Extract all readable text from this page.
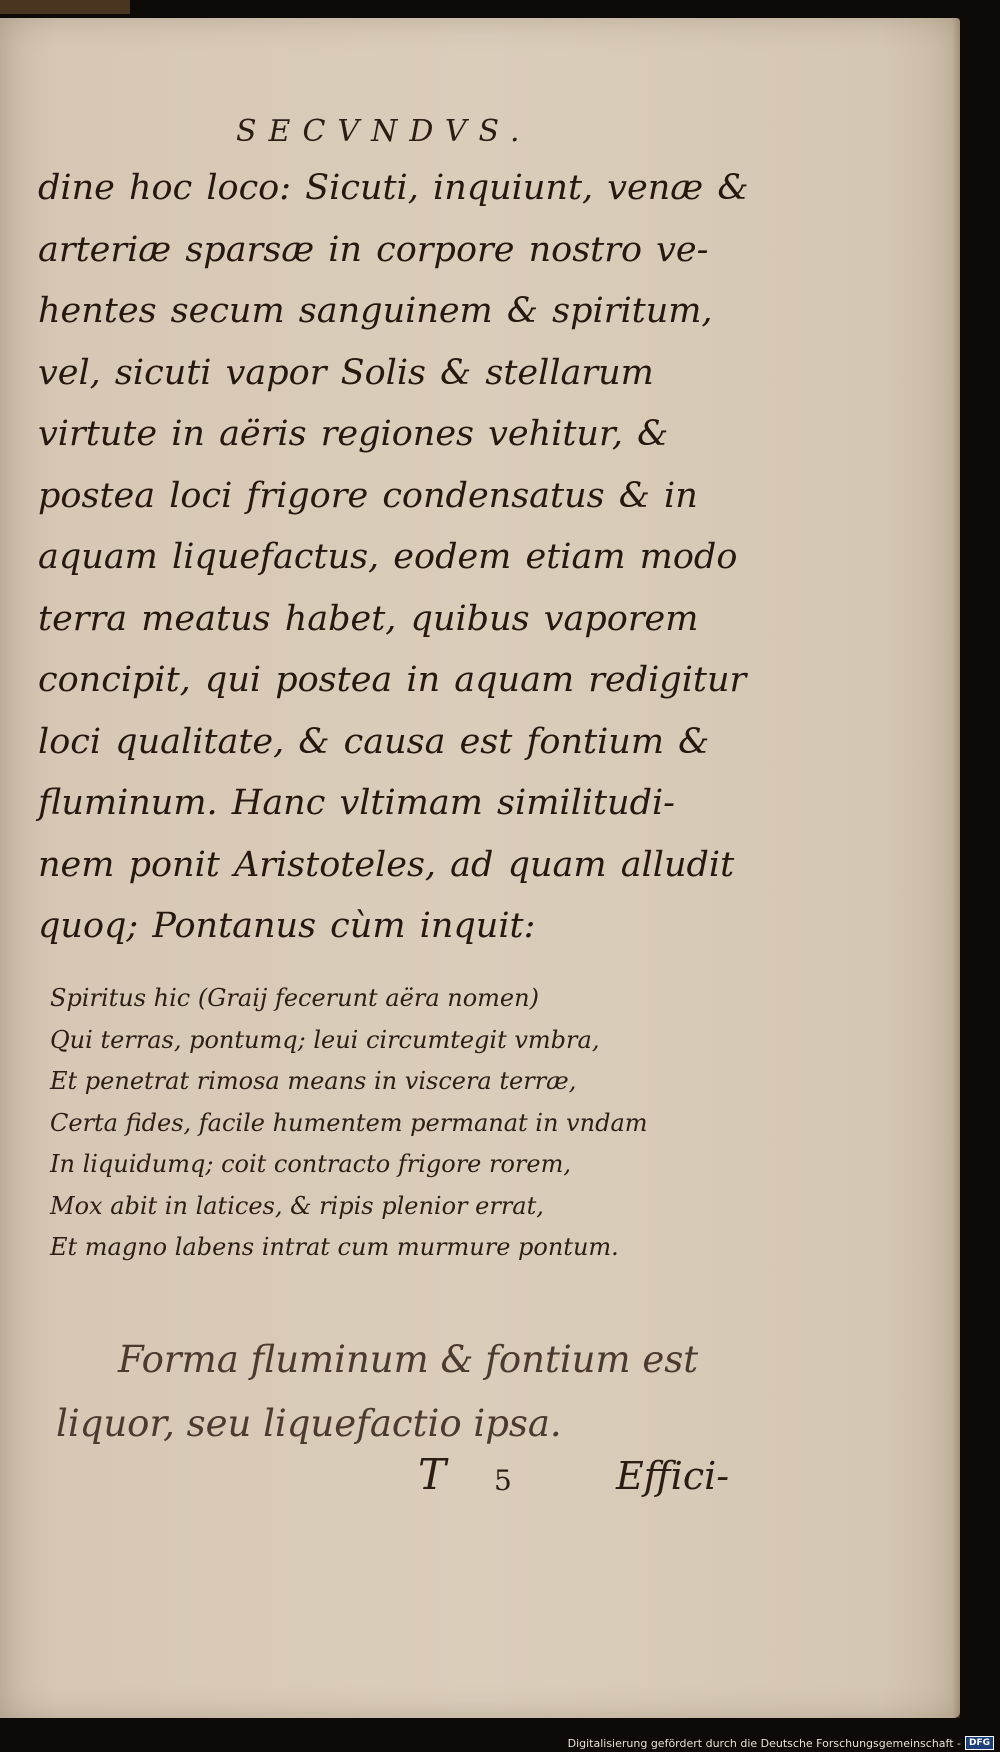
SECVNDVS.
dine hoc loco: Sicuti, inquiunt, venæ &
arteriæ sparsæ in corpore nostro ve-
hentes secum sanguinem & spiritum,
vel, sicuti vapor Solis & stellarum
virtute in aëris regiones vehitur, &
postea loci frigore condensatus & in
aquam liquefactus, eodem etiam modo
terra meatus habet, quibus vaporem
concipit, qui postea in aquam redigitur
loci qualitate, & causa est fontium &
fluminum. Hanc vltimam similitudi-
nem ponit Aristoteles, ad quam alludit
quoq; Pontanus cùm inquit:
Spiritus hic (Graij fecerunt aëra nomen)
Qui terras, pontumq; leui circumtegit vmbra,
Et penetrat rimosa means in viscera terræ,
Certa fides, facile humentem permanat in vndam
In liquidumq; coit contracto frigore rorem,
Mox abit in latices, & ripis plenior errat,
Et magno labens intrat cum murmure pontum.
Forma fluminum & fontium est
liquor, seu liquefactio ipsa.
T 5	Effici-
Digitalisierung gefördert durch die Deutsche Forschungsgemeinschaft - DFG
